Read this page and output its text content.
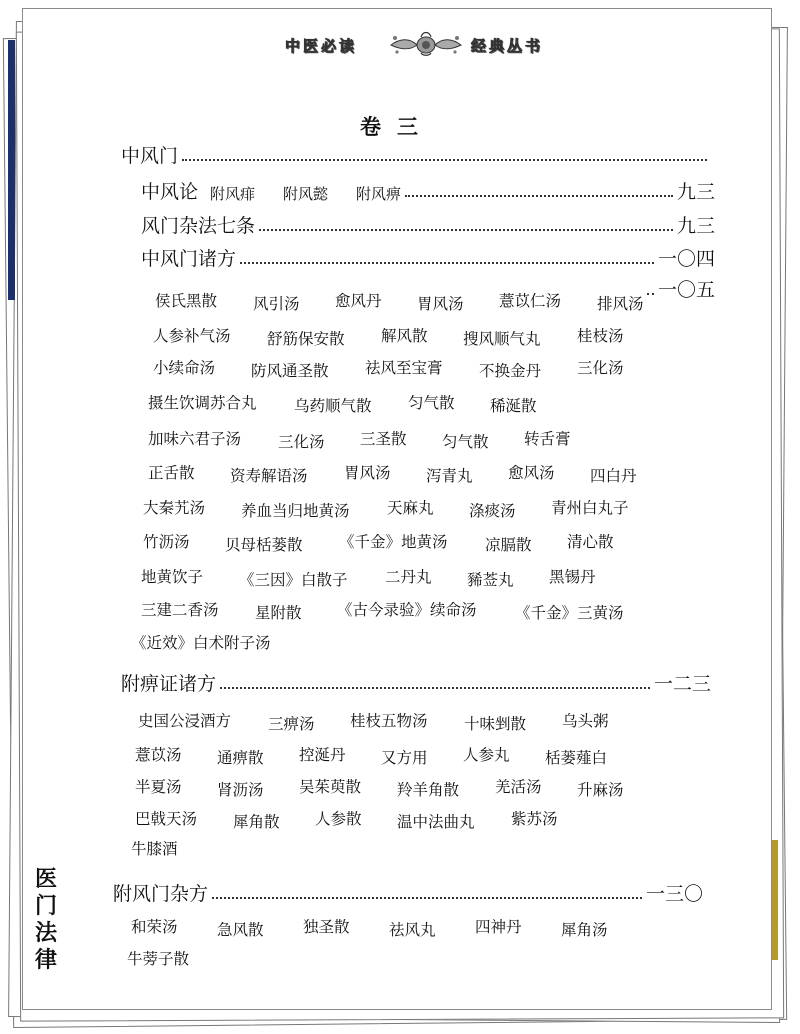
中医必读	经典丛书
卷三
中风门
中风论 附风痱 附风懿 附风痹	九三
风门杂法七条	九三
中风门诸方	一〇四
一〇五
侯氏黑散 风引汤 愈风丹 胃风汤 薏苡仁汤 排风汤
人参补气汤 舒筋保安散 解风散 搜风顺气丸 桂枝汤
小续命汤 防风通圣散 祛风至宝膏 不换金丹 三化汤
摄生饮调苏合丸 乌药顺气散 匀气散 稀涎散
加味六君子汤 三化汤 三圣散 匀气散 转舌膏
正舌散 资寿解语汤 胃风汤 泻青丸 愈风汤 四白丹
大秦艽汤 养血当归地黄汤 天麻丸 涤痰汤 青州白丸子
竹沥汤 贝母栝蒌散 《千金》地黄汤 凉膈散 清心散
地黄饮子 《三因》白散子 二丹丸 豨莶丸 黑锡丹
三建二香汤 星附散 《古今录验》续命汤 《千金》三黄汤
《近效》白术附子汤
附痹证诸方	一二三
史国公浸酒方 三痹汤 桂枝五物汤 十味剉散 乌头粥
薏苡汤 通痹散 控涎丹 又方用 人参丸 栝蒌薤白
半夏汤 肾沥汤 吴茱萸散 羚羊角散 羌活汤 升麻汤
巴戟天汤 犀角散 人参散 温中法曲丸 紫苏汤
牛膝酒
附风门杂方	一三〇
和荣汤	急风散	独圣散	祛风丸	四神丹	犀角汤
牛蒡子散
医
门
法
律
